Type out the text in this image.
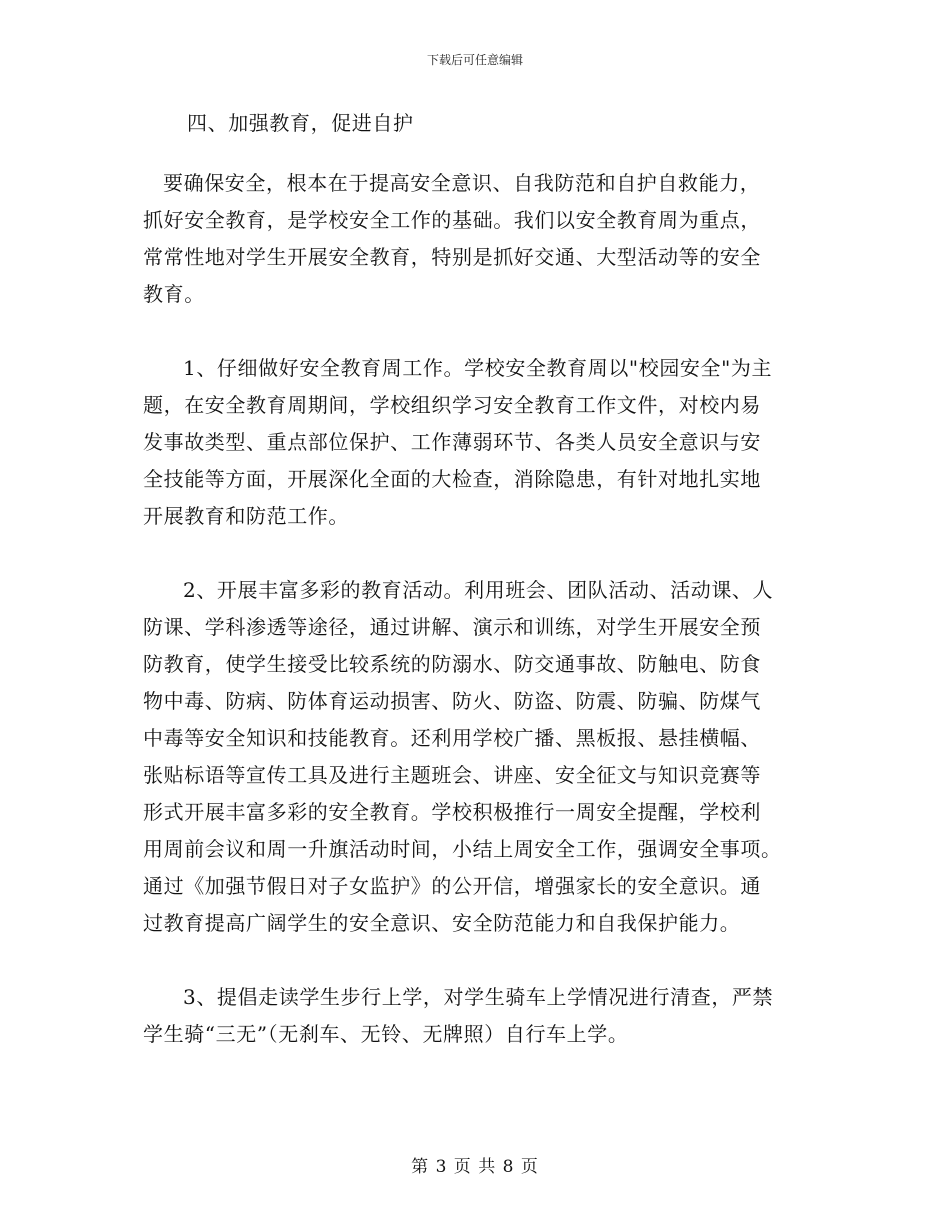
下载后可任意编辑
四、加强教育，促进自护
要确保安全，根本在于提高安全意识、自我防范和自护自救能力，
抓好安全教育，是学校安全工作的基础。我们以安全教育周为重点，
常常性地对学生开展安全教育，特别是抓好交通、大型活动等的安全
教育。
1、仔细做好安全教育周工作。学校安全教育周以"校园安全"为主
题，在安全教育周期间，学校组织学习安全教育工作文件，对校内易
发事故类型、重点部位保护、工作薄弱环节、各类人员安全意识与安
全技能等方面，开展深化全面的大检查，消除隐患，有针对地扎实地
开展教育和防范工作。
2、开展丰富多彩的教育活动。利用班会、团队活动、活动课、人
防课、学科渗透等途径，通过讲解、演示和训练，对学生开展安全预
防教育，使学生接受比较系统的防溺水、防交通事故、防触电、防食
物中毒、防病、防体育运动损害、防火、防盗、防震、防骗、防煤气
中毒等安全知识和技能教育。还利用学校广播、黑板报、悬挂横幅、
张贴标语等宣传工具及进行主题班会、讲座、安全征文与知识竞赛等
形式开展丰富多彩的安全教育。学校积极推行一周安全提醒，学校利
用周前会议和周一升旗活动时间，小结上周安全工作，强调安全事项。
通过《加强节假日对子女监护》的公开信，增强家长的安全意识。通
过教育提高广阔学生的安全意识、安全防范能力和自我保护能力。
3、提倡走读学生步行上学，对学生骑车上学情况进行清查，严禁
学生骑“三无”（无刹车、无铃、无牌照）自行车上学。
第 3 页 共 8 页
